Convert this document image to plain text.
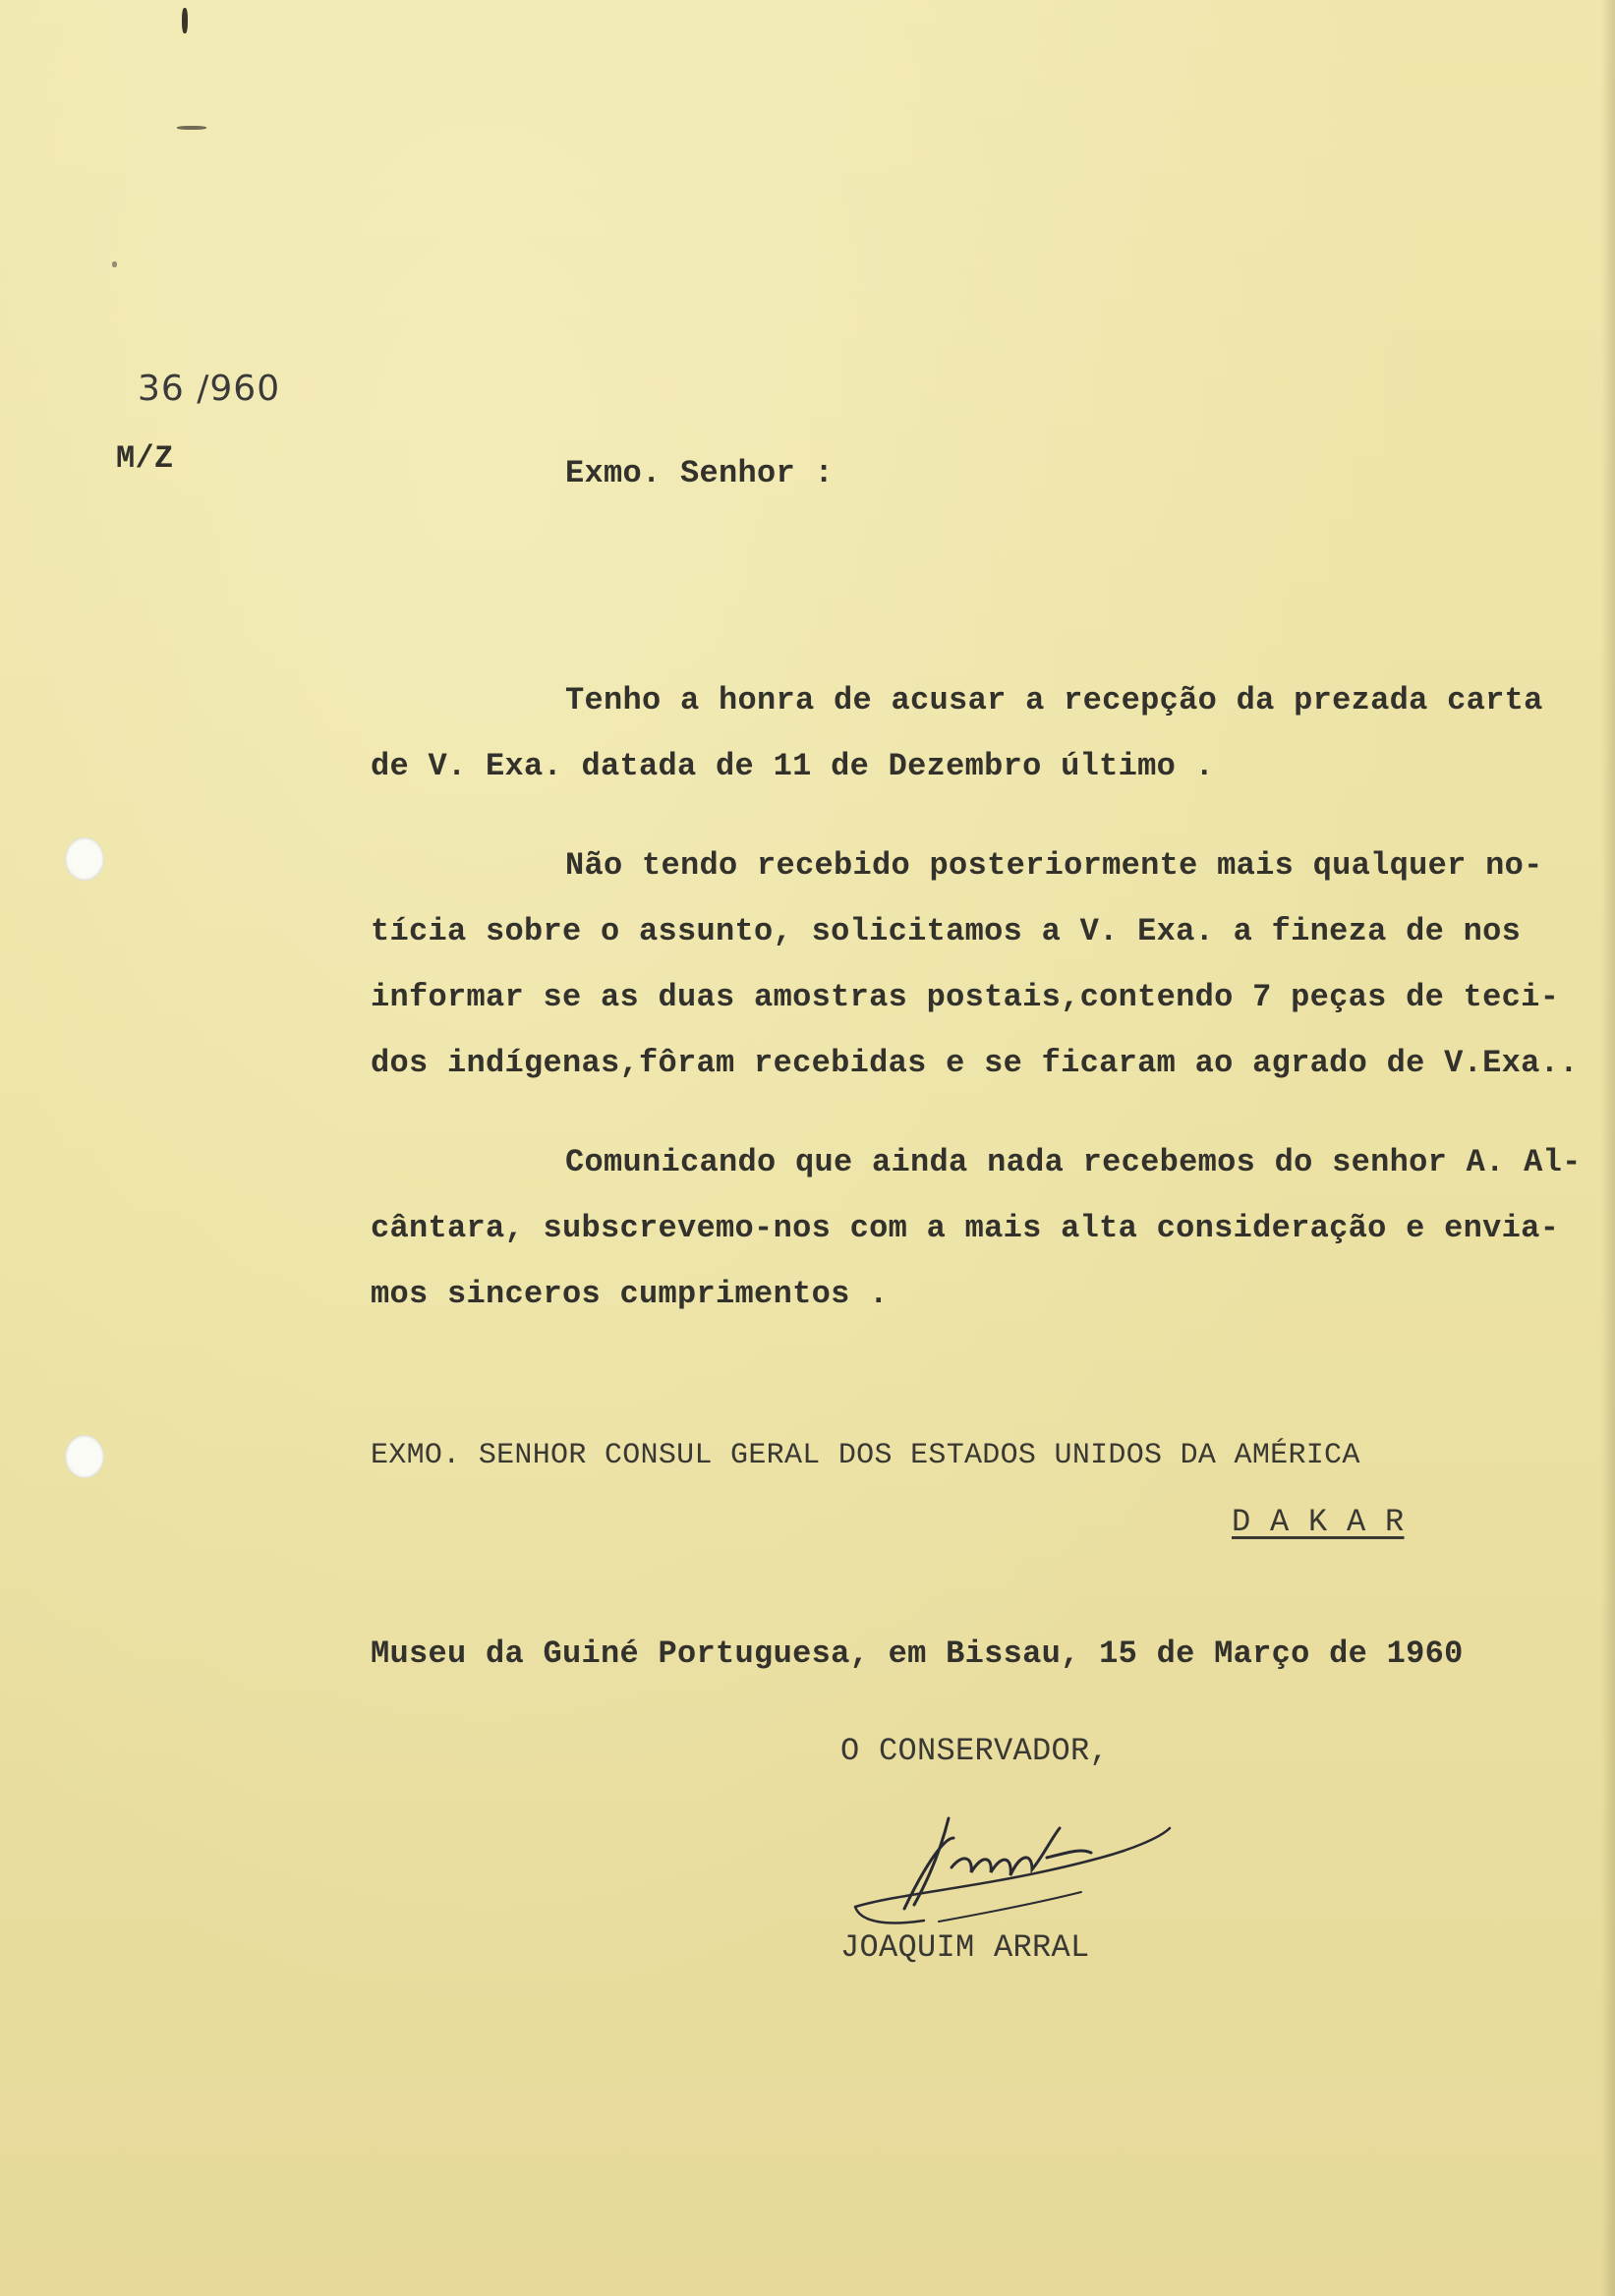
36 /960
M/Z	Exmo. Senhor :
Tenho a honra de acusar a recepção da prezada carta
de V. Exa. datada de 11 de Dezembro último .
Não tendo recebido posteriormente mais qualquer no-
tícia sobre o assunto, solicitamos a V. Exa. a fineza de nos
informar se as duas amostras postais,contendo 7 peças de teci-
dos indígenas,fôram recebidas e se ficaram ao agrado de V.Exa..
Comunicando que ainda nada recebemos do senhor A. Al-
cântara, subscrevemo-nos com a mais alta consideração e envia-
mos sinceros cumprimentos .
EXMO. SENHOR CONSUL GERAL DOS ESTADOS UNIDOS DA AMÉRICA
D A K A R
Museu da Guiné Portuguesa, em Bissau, 15 de Março de 1960
O CONSERVADOR,
JOAQUIM ARRAL
